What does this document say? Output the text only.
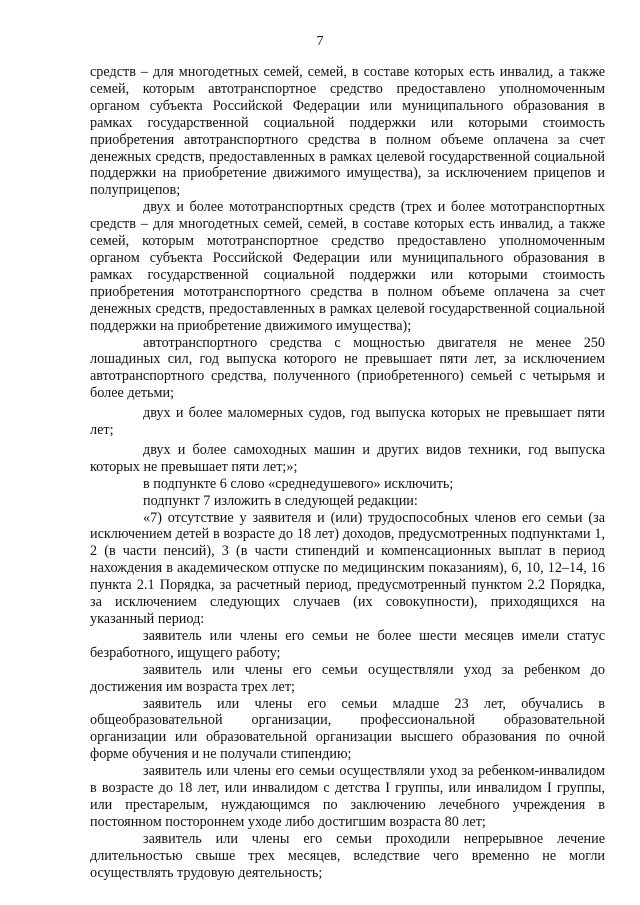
7

средств – для многодетных семей, семей, в составе которых есть инвалид, а также семей, которым автотранспортное средство предоставлено уполномоченным органом субъекта Российской Федерации или муниципального образования в рамках государственной социальной поддержки или которыми стоимость приобретения автотранспортного средства в полном объеме оплачена за счет денежных средств, предоставленных в рамках целевой государственной социальной поддержки на приобретение движимого имущества), за исключением прицепов и полуприцепов;

двух и более мототранспортных средств (трех и более мототранспортных средств – для многодетных семей, семей, в составе которых есть инвалид, а также семей, которым мототранспортное средство предоставлено уполномоченным органом субъекта Российской Федерации или муниципального образования в рамках государственной социальной поддержки или которыми стоимость приобретения мототранспортного средства в полном объеме оплачена за счет денежных средств, предоставленных в рамках целевой государственной социальной поддержки на приобретение движимого имущества);

автотранспортного средства с мощностью двигателя не менее 250 лошадиных сил, год выпуска которого не превышает пяти лет, за исключением автотранспортного средства, полученного (приобретенного) семьей с четырьмя и более детьми;

двух и более маломерных судов, год выпуска которых не превышает пяти лет;

двух и более самоходных машин и других видов техники, год выпуска которых не превышает пяти лет;»;

в подпункте 6 слово «среднедушевого» исключить;

подпункт 7 изложить в следующей редакции:

«7) отсутствие у заявителя и (или) трудоспособных членов его семьи (за исключением детей в возрасте до 18 лет) доходов, предусмотренных подпунктами 1, 2 (в части пенсий), 3 (в части стипендий и компенсационных выплат в период нахождения в академическом отпуске по медицинским показаниям), 6, 10, 12–14, 16 пункта 2.1 Порядка, за расчетный период, предусмотренный пунктом 2.2 Порядка, за исключением следующих случаев (их совокупности), приходящихся на указанный период:

заявитель или члены его семьи не более шести месяцев имели статус безработного, ищущего работу;

заявитель или члены его семьи осуществляли уход за ребенком до достижения им возраста трех лет;

заявитель или члены его семьи младше 23 лет, обучались в общеобразовательной организации, профессиональной образовательной организации или образовательной организации высшего образования по очной форме обучения и не получали стипендию;

заявитель или члены его семьи осуществляли уход за ребенком-инвалидом в возрасте до 18 лет, или инвалидом с детства I группы, или инвалидом I группы, или престарелым, нуждающимся по заключению лечебного учреждения в постоянном постороннем уходе либо достигшим возраста 80 лет;

заявитель или члены его семьи проходили непрерывное лечение длительностью свыше трех месяцев, вследствие чего временно не могли осуществлять трудовую деятельность;
